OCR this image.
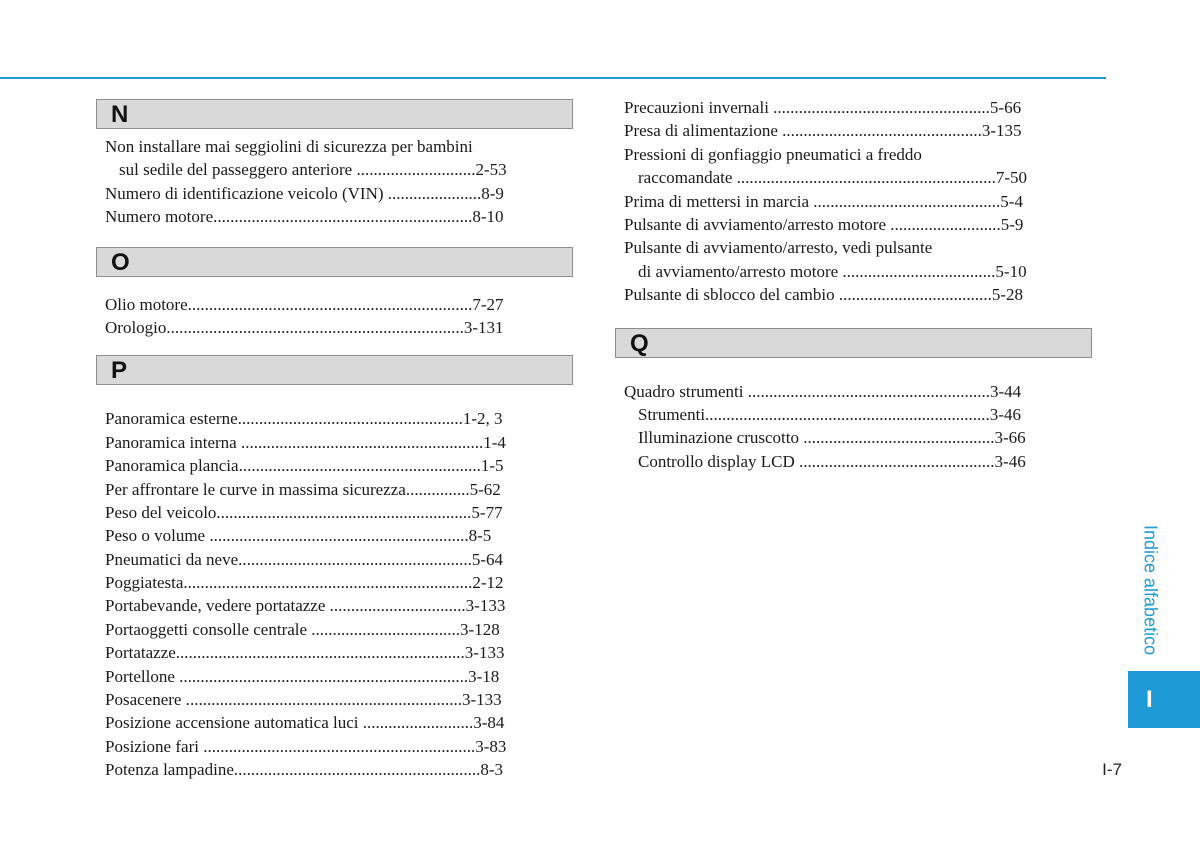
N
Non installare mai seggiolini di sicurezza per bambini
sul sedile del passeggero anteriore ............................2-53
Numero di identificazione veicolo (VIN) ......................8-9
Numero motore.............................................................8-10
O
Olio motore...................................................................7-27
Orologio......................................................................3-131
P
Panoramica esterne.....................................................1-2, 3
Panoramica interna .........................................................1-4
Panoramica plancia.........................................................1-5
Per affrontare le curve in massima sicurezza...............5-62
Peso del veicolo............................................................5-77
Peso o volume .............................................................8-5
Pneumatici da neve.......................................................5-64
Poggiatesta....................................................................2-12
Portabevande, vedere portatazze ................................3-133
Portaoggetti consolle centrale ...................................3-128
Portatazze....................................................................3-133
Portellone ....................................................................3-18
Posacenere .................................................................3-133
Posizione accensione automatica luci ..........................3-84
Posizione fari ................................................................3-83
Potenza lampadine..........................................................8-3
Precauzioni invernali ...................................................5-66
Presa di alimentazione ...............................................3-135
Pressioni di gonfiaggio pneumatici a freddo
raccomandate .............................................................7-50
Prima di mettersi in marcia ............................................5-4
Pulsante di avviamento/arresto motore ..........................5-9
Pulsante di avviamento/arresto, vedi pulsante
di avviamento/arresto motore ....................................5-10
Pulsante di sblocco del cambio ....................................5-28
Q
Quadro strumenti .........................................................3-44
Strumenti...................................................................3-46
Illuminazione cruscotto .............................................3-66
Controllo display LCD ..............................................3-46
Indice alfabetico
I
I-7
